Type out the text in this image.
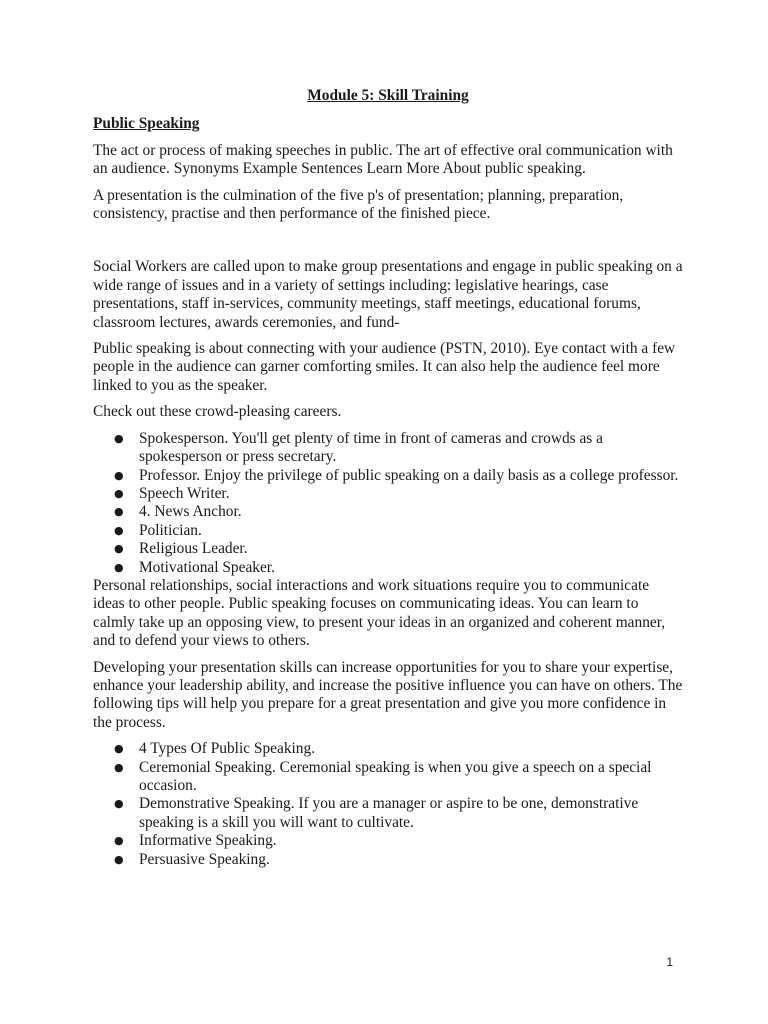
Module 5: Skill Training
Public Speaking

The act or process of making speeches in public. The art of effective oral communication with an audience. Synonyms Example Sentences Learn More About public speaking.

A presentation is the culmination of the five p's of presentation; planning, preparation, consistency, practise and then performance of the finished piece.

Social Workers are called upon to make group presentations and engage in public speaking on a wide range of issues and in a variety of settings including: legislative hearings, case presentations, staff in-services, community meetings, staff meetings, educational forums, classroom lectures, awards ceremonies, and fund-

Public speaking is about connecting with your audience (PSTN, 2010). Eye contact with a few people in the audience can garner comforting smiles. It can also help the audience feel more linked to you as the speaker.

Check out these crowd-pleasing careers.

● Spokesperson. You'll get plenty of time in front of cameras and crowds as a spokesperson or press secretary.
● Professor. Enjoy the privilege of public speaking on a daily basis as a college professor.
● Speech Writer.
● 4. News Anchor.
● Politician.
● Religious Leader.
● Motivational Speaker.

Personal relationships, social interactions and work situations require you to communicate ideas to other people. Public speaking focuses on communicating ideas. You can learn to calmly take up an opposing view, to present your ideas in an organized and coherent manner, and to defend your views to others.

Developing your presentation skills can increase opportunities for you to share your expertise, enhance your leadership ability, and increase the positive influence you can have on others. The following tips will help you prepare for a great presentation and give you more confidence in the process.

● 4 Types Of Public Speaking.
● Ceremonial Speaking. Ceremonial speaking is when you give a speech on a special occasion.
● Demonstrative Speaking. If you are a manager or aspire to be one, demonstrative speaking is a skill you will want to cultivate.
● Informative Speaking.
● Persuasive Speaking.
1
